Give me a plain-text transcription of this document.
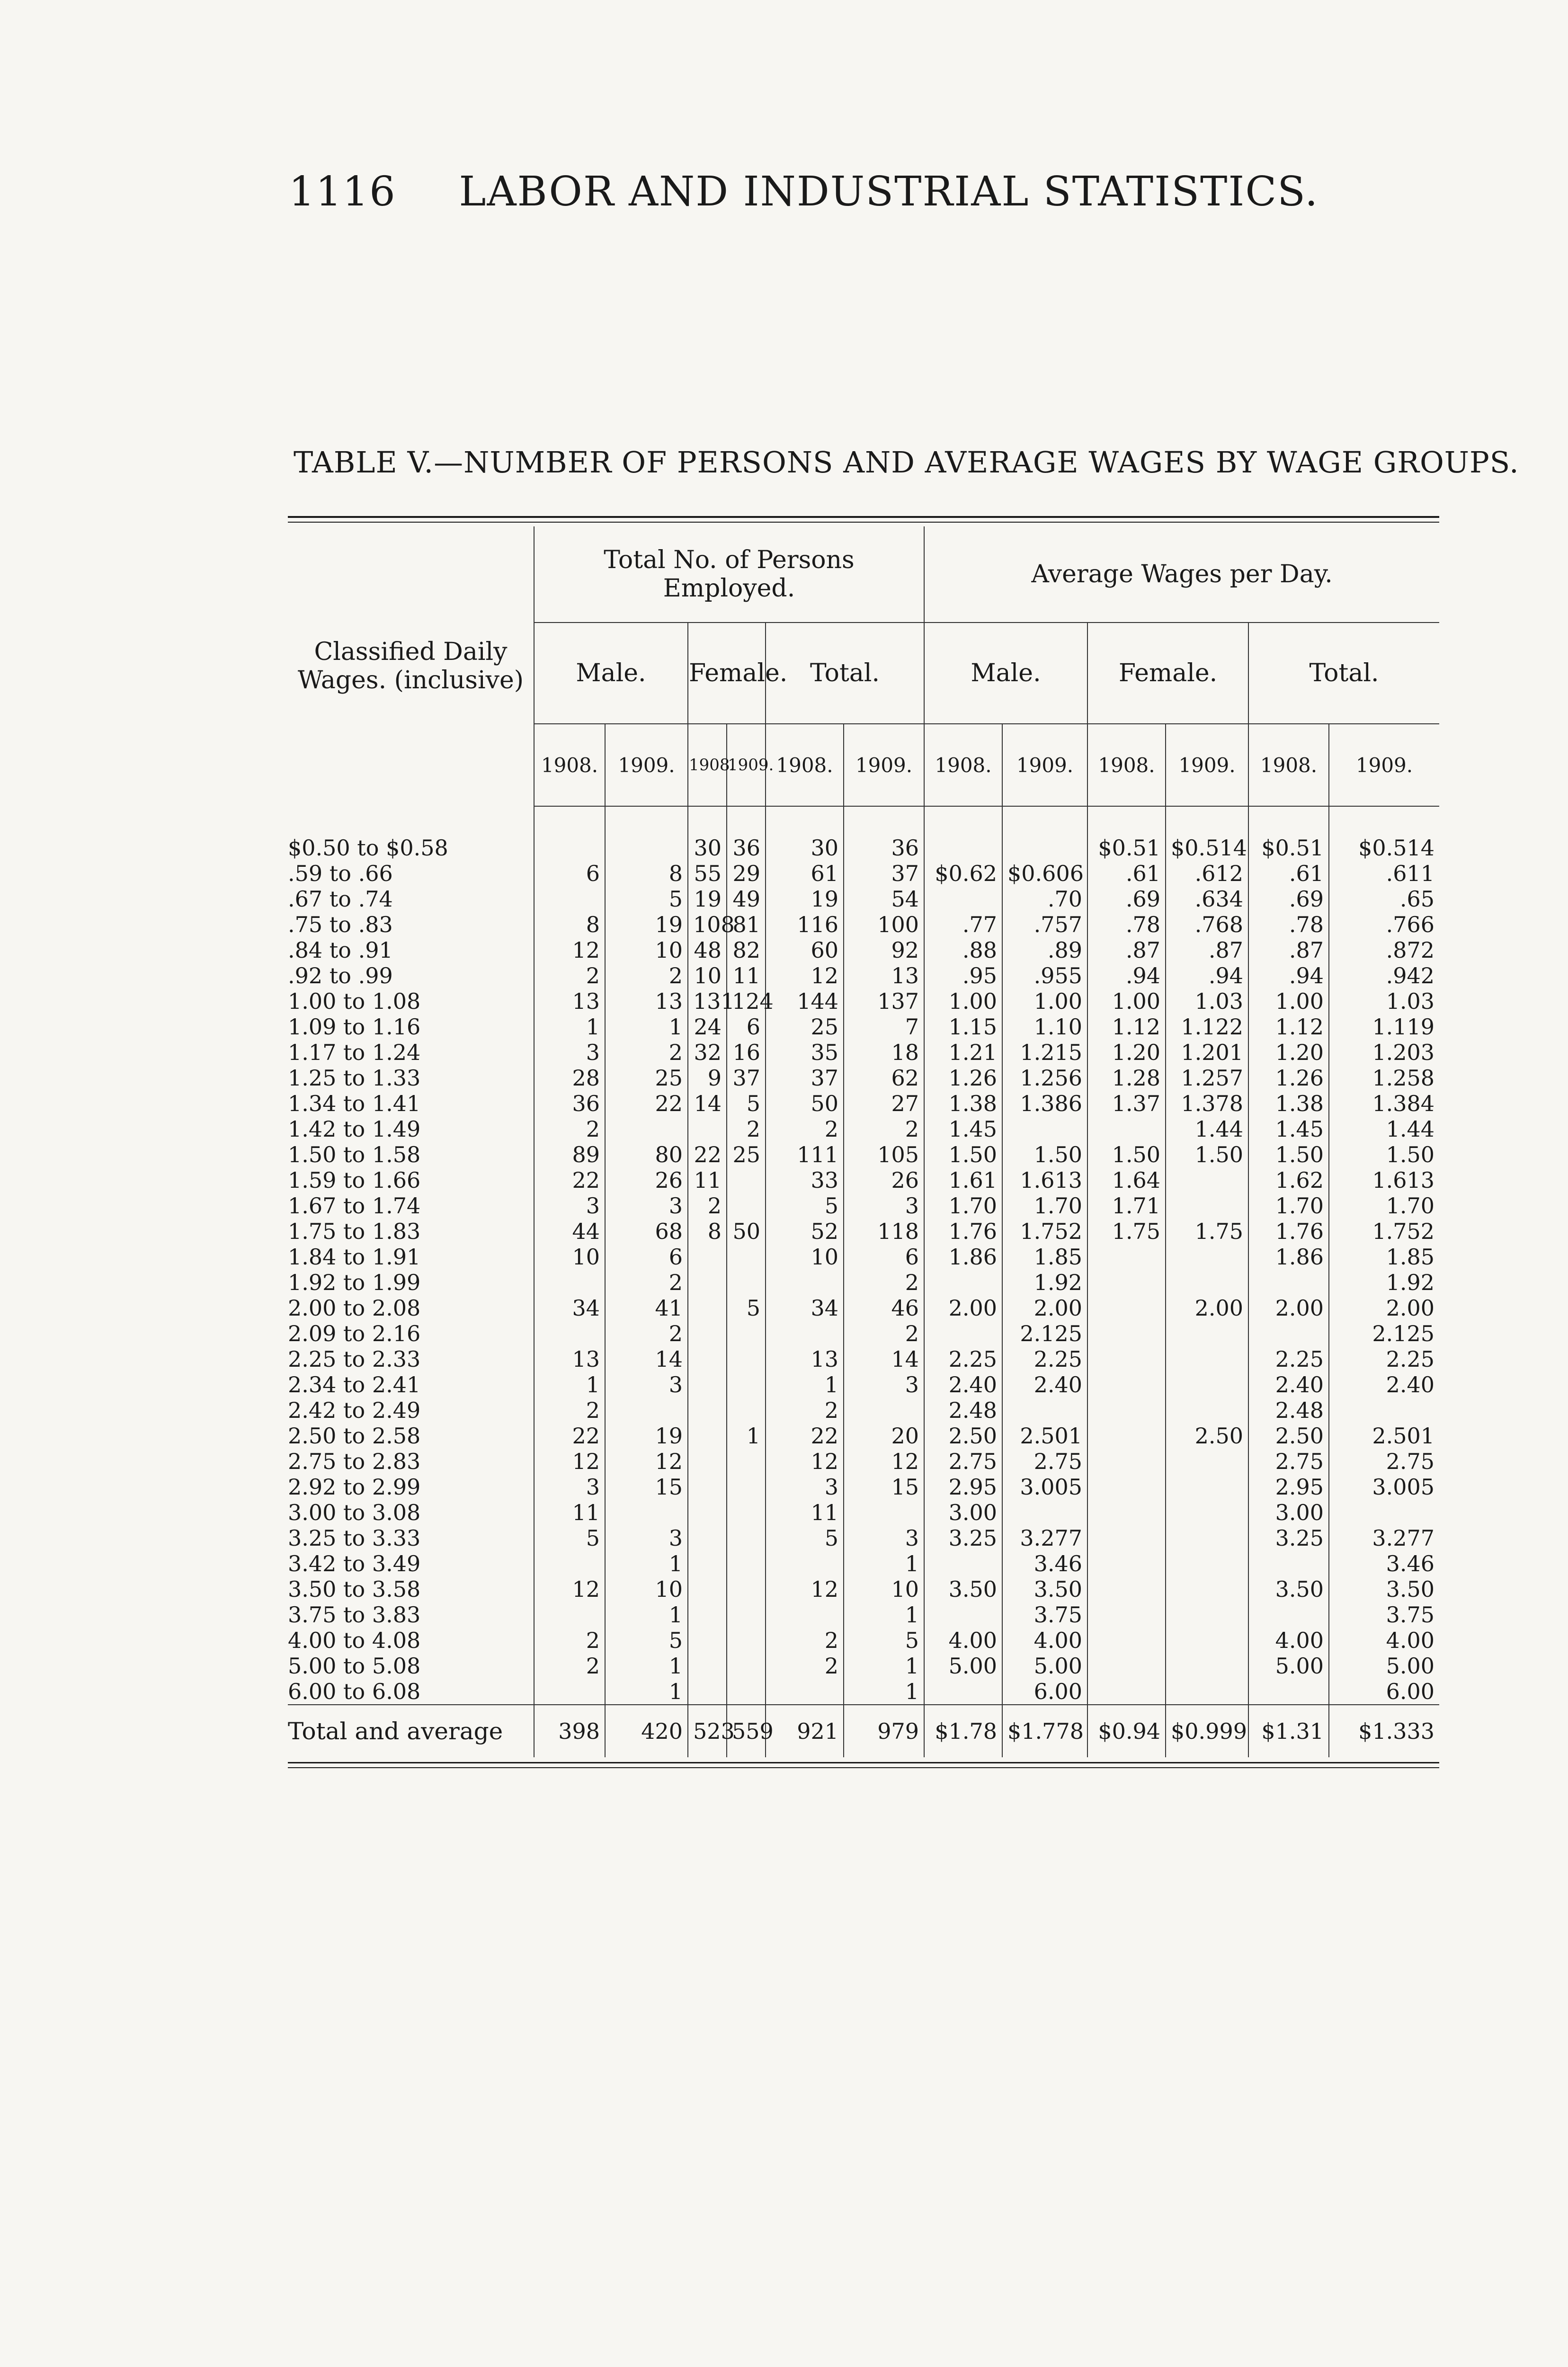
1116 LABOR AND INDUSTRIAL STATISTICS.
TABLE V.—NUMBER OF PERSONS AND AVERAGE WAGES BY WAGE GROUPS.
Classified Daily Wages. (inclusive)	Total No. of Persons Employed.						Average Wages per Day.					
	Male.		Female.		Total.		Male.		Female.		Total.	
	1908.	1909.	1908.	1909.	1908.	1909.	1908.	1909.	1908.	1909.	1908.	1909.

$0.50 to $0.58			30	36	30	36			$0.51	$0.514	$0.51	$0.514
.59 to .66	6	8	55	29	61	37	$0.62	$0.606	.61	.612	.61	.611
.67 to .74		5	19	49	19	54		.70	.69	.634	.69	.65
.75 to .83	8	19	108	81	116	100	.77	.757	.78	.768	.78	.766
.84 to .91	12	10	48	82	60	92	.88	.89	.87	.87	.87	.872
.92 to .99	2	2	10	11	12	13	.95	.955	.94	.94	.94	.942
1.00 to 1.08	13	13	131	124	144	137	1.00	1.00	1.00	1.03	1.00	1.03
1.09 to 1.16	1	1	24	6	25	7	1.15	1.10	1.12	1.122	1.12	1.119
1.17 to 1.24	3	2	32	16	35	18	1.21	1.215	1.20	1.201	1.20	1.203
1.25 to 1.33	28	25	9	37	37	62	1.26	1.256	1.28	1.257	1.26	1.258
1.34 to 1.41	36	22	14	5	50	27	1.38	1.386	1.37	1.378	1.38	1.384
1.42 to 1.49	2			2	2	2	1.45			1.44	1.45	1.44
1.50 to 1.58	89	80	22	25	111	105	1.50	1.50	1.50	1.50	1.50	1.50
1.59 to 1.66	22	26	11		33	26	1.61	1.613	1.64		1.62	1.613
1.67 to 1.74	3	3	2		5	3	1.70	1.70	1.71		1.70	1.70
1.75 to 1.83	44	68	8	50	52	118	1.76	1.752	1.75	1.75	1.76	1.752
1.84 to 1.91	10	6			10	6	1.86	1.85			1.86	1.85
1.92 to 1.99		2				2		1.92				1.92
2.00 to 2.08	34	41		5	34	46	2.00	2.00		2.00	2.00	2.00
2.09 to 2.16		2				2		2.125				2.125
2.25 to 2.33	13	14			13	14	2.25	2.25			2.25	2.25
2.34 to 2.41	1	3			1	3	2.40	2.40			2.40	2.40
2.42 to 2.49	2				2		2.48				2.48	
2.50 to 2.58	22	19		1	22	20	2.50	2.501		2.50	2.50	2.501
2.75 to 2.83	12	12			12	12	2.75	2.75			2.75	2.75
2.92 to 2.99	3	15			3	15	2.95	3.005			2.95	3.005
3.00 to 3.08	11				11		3.00				3.00	
3.25 to 3.33	5	3			5	3	3.25	3.277			3.25	3.277
3.42 to 3.49		1				1		3.46				3.46
3.50 to 3.58	12	10			12	10	3.50	3.50			3.50	3.50
3.75 to 3.83		1				1		3.75				3.75
4.00 to 4.08	2	5			2	5	4.00	4.00			4.00	4.00
5.00 to 5.08	2	1			2	1	5.00	5.00			5.00	5.00
6.00 to 6.08		1				1		6.00				6.00
Total and average	398	420	523	559	921	979	$1.78	$1.778	$0.94	$0.999	$1.31	$1.333
